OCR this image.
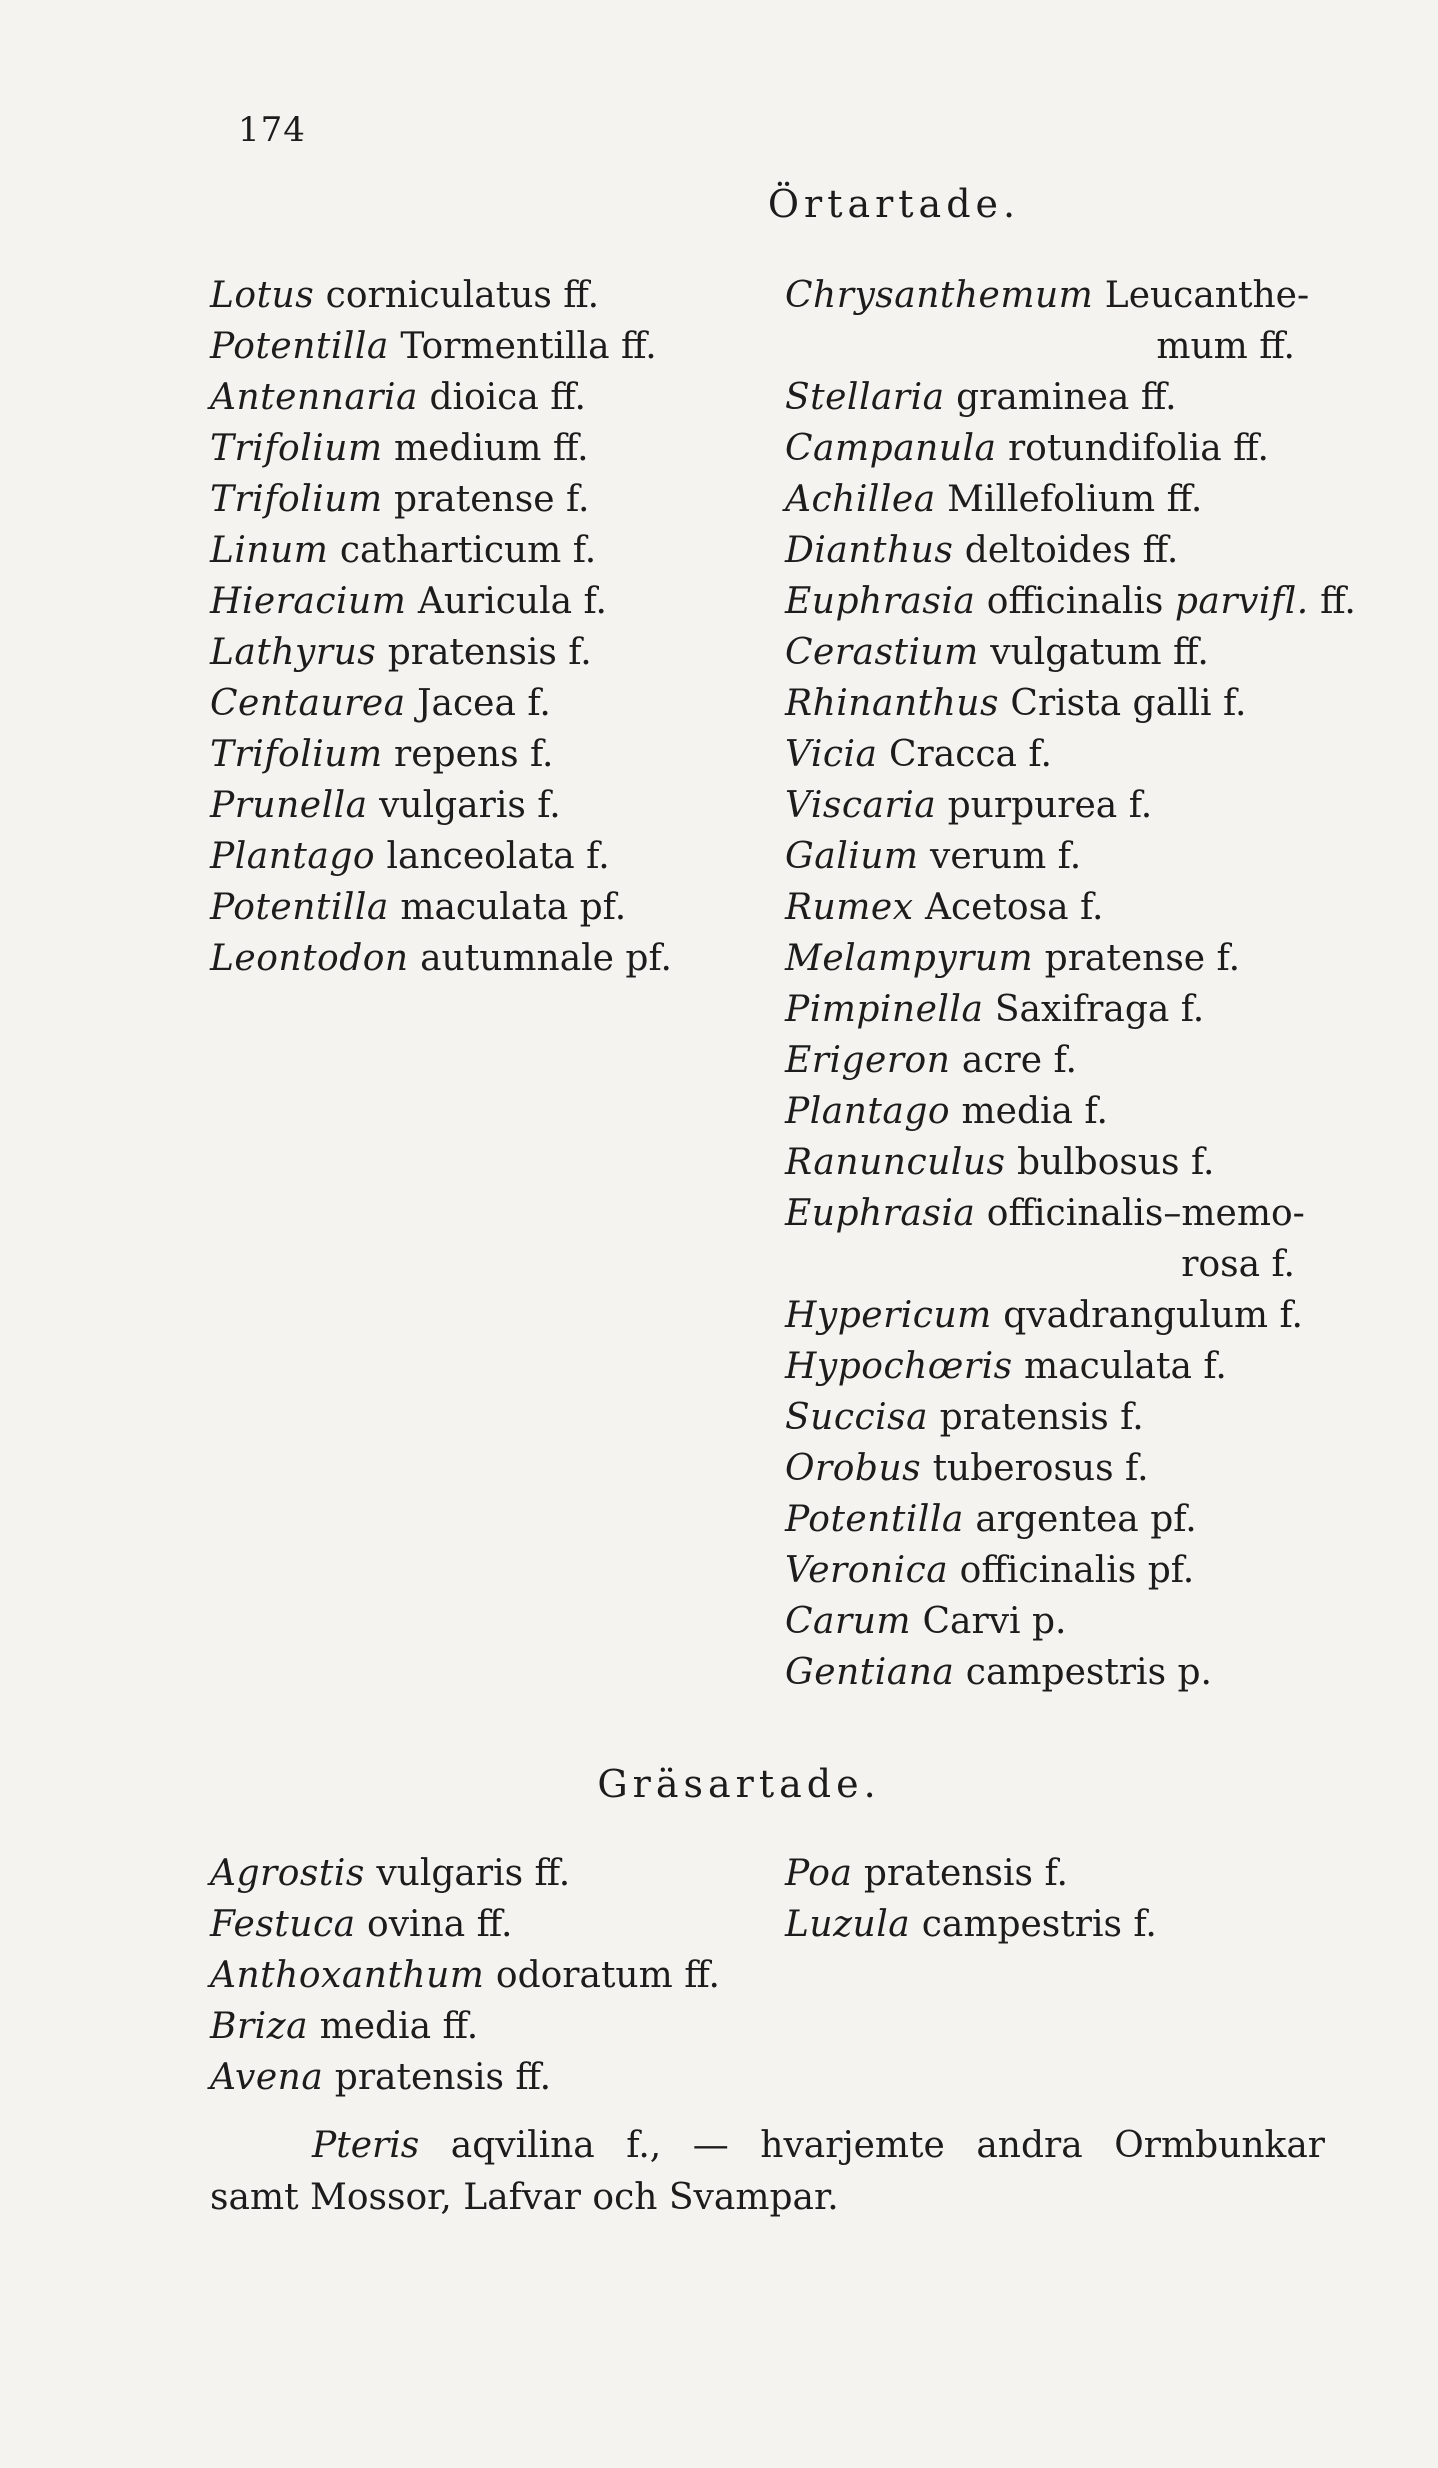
174
Örtartade.
Lotus corniculatus ff.
Potentilla Tormentilla ff.
Antennaria dioica ff.
Trifolium medium ff.
Trifolium pratense f.
Linum catharticum f.
Hieracium Auricula f.
Lathyrus pratensis f.
Centaurea Jacea f.
Trifolium repens f.
Prunella vulgaris f.
Plantago lanceolata f.
Potentilla maculata pf.
Leontodon autumnale pf.
Chrysanthemum Leucanthe-
mum ff.
Stellaria graminea ff.
Campanula rotundifolia ff.
Achillea Millefolium ff.
Dianthus deltoides ff.
Euphrasia officinalis parvifl. ff.
Cerastium vulgatum ff.
Rhinanthus Crista galli f.
Vicia Cracca f.
Viscaria purpurea f.
Galium verum f.
Rumex Acetosa f.
Melampyrum pratense f.
Pimpinella Saxifraga f.
Erigeron acre f.
Plantago media f.
Ranunculus bulbosus f.
Euphrasia officinalis–memo-
rosa f.
Hypericum qvadrangulum f.
Hypochœris maculata f.
Succisa pratensis f.
Orobus tuberosus f.
Potentilla argentea pf.
Veronica officinalis pf.
Carum Carvi p.
Gentiana campestris p.
Gräsartade.
Agrostis vulgaris ff.
Festuca ovina ff.
Anthoxanthum odoratum ff.
Briza media ff.
Avena pratensis ff.
Poa pratensis f.
Luzula campestris f.
Pteris aqvilina f., — hvarjemte andra Ormbunkar
samt Mossor, Lafvar och Svampar.
